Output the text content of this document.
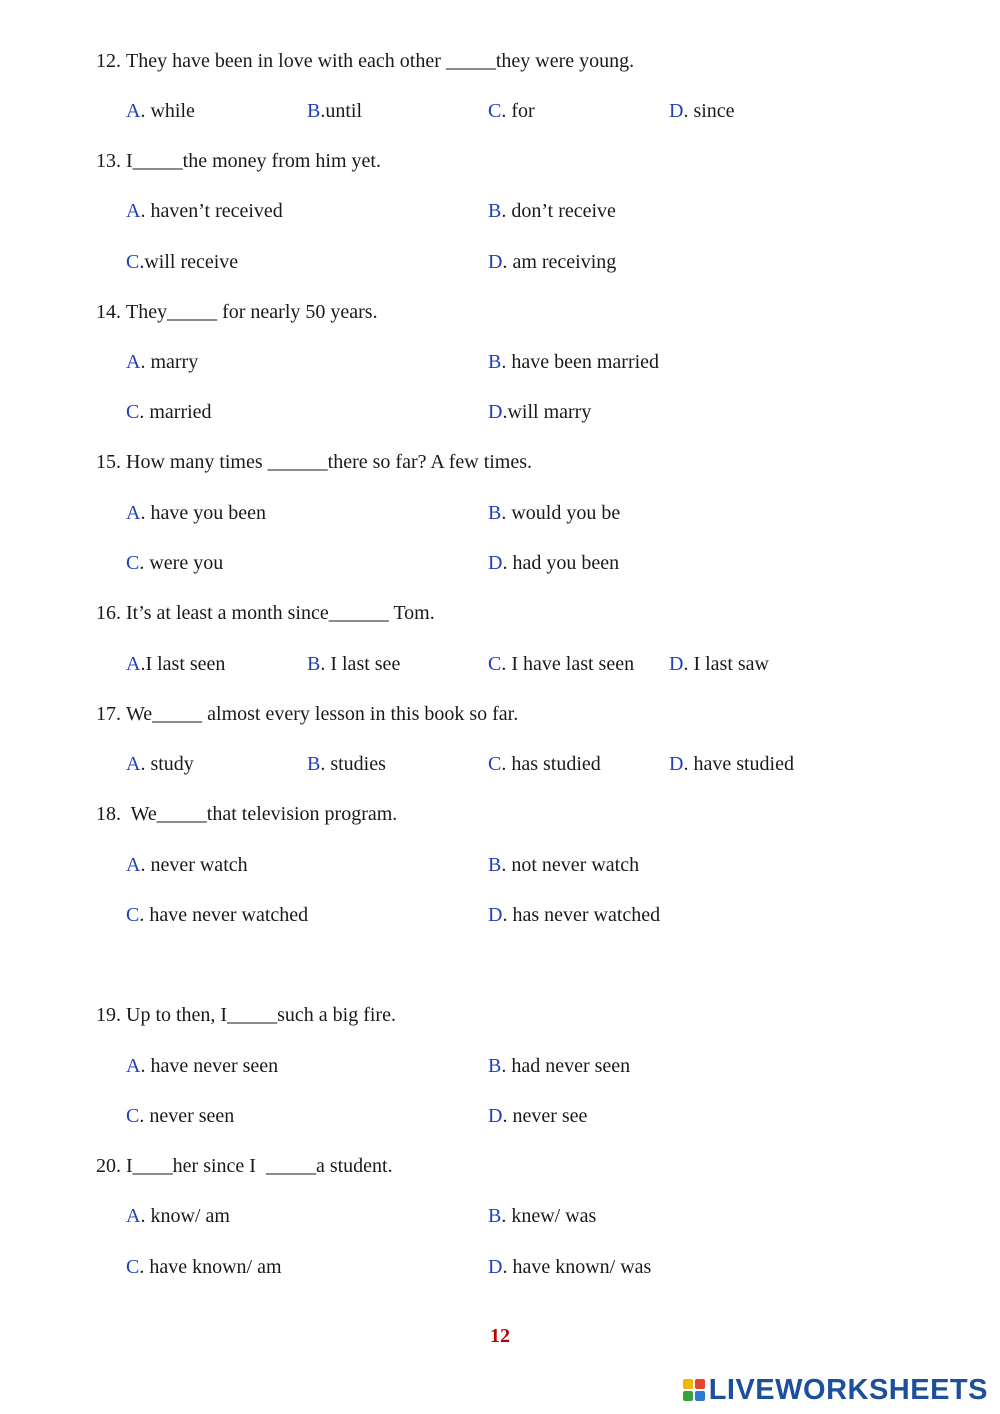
12. They have been in love with each other _____they were young.
A. while	B.until	C. for	D. since
13. I_____the money from him yet.
A. haven’t received	B. don’t receive
C.will receive	D. am receiving
14. They_____ for nearly 50 years.
A. marry	B. have been married
C. married	D.will marry
15. How many times ______there so far? A few times.
A. have you been	B. would you be
C. were you	D. had you been
16. It’s at least a month since______ Tom.
A.I last seen	B. I last see	C. I have last seen D. I last saw
17. We_____ almost every lesson in this book so far.
A. study	B. studies	C. has studied	D. have studied
18. We_____that television program.
A. never watch	B. not never watch
C. have never watched	D. has never watched
19. Up to then, I_____such a big fire.
A. have never seen	B. had never seen
C. never seen	D. never see
20. I____her since I  _____a student.
A. know/ am	B. knew/ was
C. have known/ am	D. have known/ was
12
LIVEWORKSHEETS
